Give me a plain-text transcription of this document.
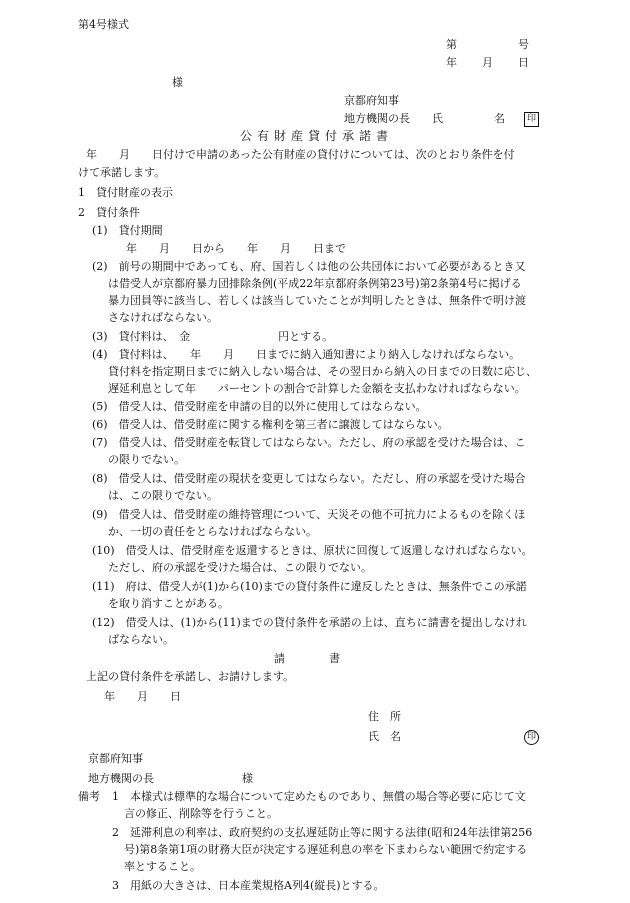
第4号様式
第	号
年 月 日
様
京都府知事
地方機関の長 氏	名	印
公有財産貸付承諾書
年　　月　　日付けで申請のあった公有財産の貸付けについては、次のとおり条件を付
けて承諾します。
1　貸付財産の表示
2　貸付条件
(1)　貸付期間
年　　月　　日から　　年　　月　　日まで
(2)　前号の期間中であっても、府、国若しくは他の公共団体において必要があるとき又
は借受人が京都府暴力団排除条例(平成22年京都府条例第23号)第2条第4号に掲げる
暴力団員等に該当し、若しくは該当していたことが判明したときは、無条件で明け渡
さなければならない。
(3)　貸付料は、　金　　　　　　　　円とする。
(4)　貸付料は、　　年　　月　　日までに納入通知書により納入しなければならない。
貸付料を指定期日までに納入しない場合は、その翌日から納入の日までの日数に応じ、
遅延利息として年　　パーセントの割合で計算した金額を支払わなければならない。
(5)　借受人は、借受財産を申請の目的以外に使用してはならない。
(6)　借受人は、借受財産に関する権利を第三者に譲渡してはならない。
(7)　借受人は、借受財産を転貸してはならない。ただし、府の承認を受けた場合は、こ
の限りでない。
(8)　借受人は、借受財産の現状を変更してはならない。ただし、府の承認を受けた場合
は、この限りでない。
(9)　借受人は、借受財産の維持管理について、天災その他不可抗力によるものを除くほ
か、一切の責任をとらなければならない。
(10)　借受人は、借受財産を返還するときは、原状に回復して返還しなければならない。
ただし、府の承認を受けた場合は、この限りでない。
(11)　府は、借受人が(1)から(10)までの貸付条件に違反したときは、無条件でこの承諾
を取り消すことがある。
(12)　借受人は、(1)から(11)までの貸付条件を承諾の上は、直ちに請書を提出しなけれ
ばならない。
請　　　　書
上記の貸付条件を承諾し、お請けします。
年　　月　　日
住　所
氏　名	印
京都府知事
地方機関の長	様
備考 1　本様式は標準的な場合について定めたものであり、無償の場合等必要に応じて文
言の修正、削除等を行うこと。
2　延滞利息の利率は、政府契約の支払遅延防止等に関する法律(昭和24年法律第256
号)第8条第1項の財務大臣が決定する遅延利息の率を下まわらない範囲で約定する
率とすること。
3　用紙の大きさは、日本産業規格A列4(縦長)とする。
